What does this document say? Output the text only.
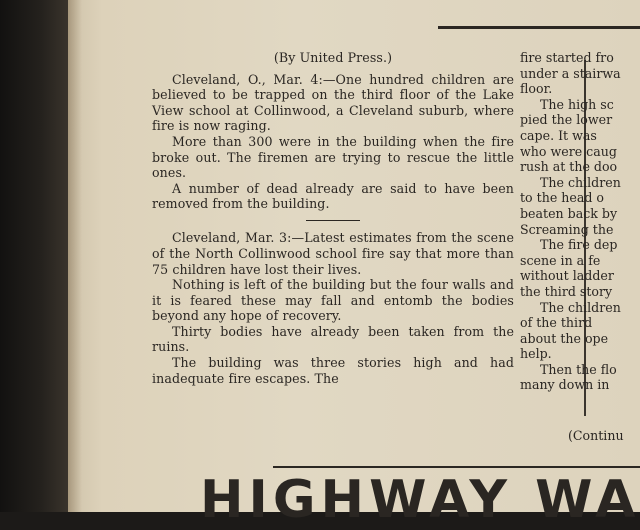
(By United Press.)

Cleveland, O., Mar. 4:—One hundred children are believed to be trapped on the third floor of the Lake View school at Collinwood, a Cleveland suburb, where fire is now raging.

More than 300 were in the building when the fire broke out. The firemen are trying to rescue the little ones.

A number of dead already are said to have been removed from the building.

Cleveland, Mar. 3:—Latest estimates from the scene of the North Collinwood school fire say that more than 75 children have lost their lives.

Nothing is left of the building but the four walls and it is feared these may fall and entomb the bodies beyond any hope of recovery.

Thirty bodies have already been taken from the ruins.

The building was three stories high and had inadequate fire escapes. The

fire started fro
under a stairwa
floor.
The high sc
pied the lower
cape. It was
who were caug
rush at the doo
The children
to the head o
beaten back by
Screaming the
The fire dep
scene in a fe
without ladder
the third story
The children
of the third
about the ope
help.
Then the flo
many down in
(Continu
HIGHWAY WA
